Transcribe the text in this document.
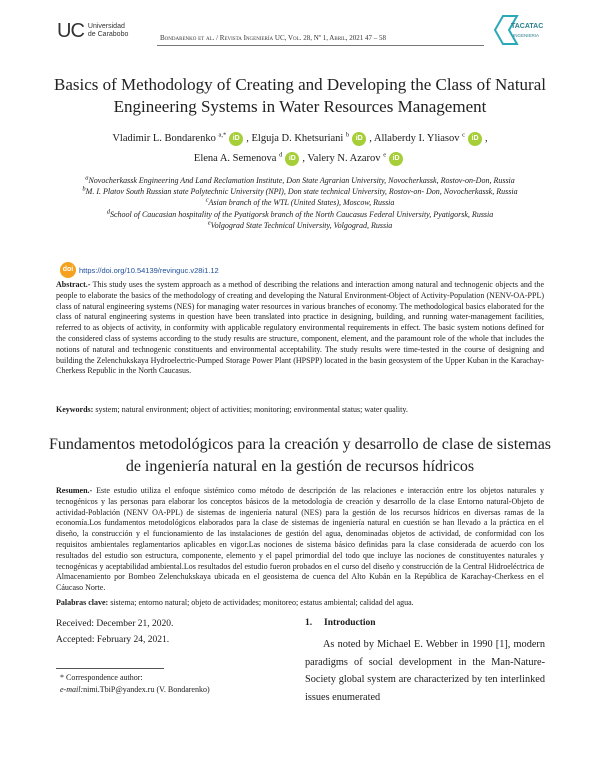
UC Universidad
de Carabobo	Bondarenko et al. / Revista Ingeniería UC, Vol. 28, Nº 1, Abril, 2021 47 – 58
TACATAC
INGENIERIA
Basics of Methodology of Creating and Developing the Class of Natural Engineering Systems in Water Resources Management
Vladimir L. Bondarenko $^{a,*}$ iD , Elguja D. Khetsuriani $^b$ iD , Allaberdy I. Yliasov $^c$ iD ,
Elena A. Semenova $^d$ iD , Valery N. Azarov $^e$ iD
$^a$Novocherkassk Engineering And Land Reclamation Institute, Don State Agrarian University, Novocherkassk, Rostov-on-Don, Russia
$^b$M. I. Platov South Russian state Polytechnic University (NPI), Don state technical University, Rostov-on- Don, Novocherkassk, Russia
$^c$Asian branch of the WTL (United States), Moscow, Russia
$^d$School of Caucasian hospitality of the Pyatigorsk branch of the North Caucasus Federal University, Pyatigorsk, Russia
$^e$Volgograd State Technical University, Volgograd, Russia
doi https://doi.org/10.54139/revinguc.v28i1.12
Abstract.- This study uses the system approach as a method of describing the relations and interaction among natural and technogenic objects and the people to elaborate the basics of the methodology of creating and developing the Natural Environment-Object of Activity-Population (NENV-OA-PPL) class of natural engineering systems (NES) for managing water resources in various branches of economy. The methodological basics elaborated for the class of natural engineering systems in question have been translated into practice in designing, building, and running water-management facilities, referred to as objects of activity, in conformity with applicable regulatory environmental requirements in effect. The basic system notions defined for the considered class of systems according to the study results are structure, component, element, and the paramount role of the whole that includes the notions of natural and technogenic constituents and environmental acceptability. The study results were time-tested in the course of designing and building the Zelenchukskaya Hydroelectric-Pumped Storage Power Plant (HPSPP) located in the basin geosystem of the Upper Kuban in the Karachay-Cherkess Republic in the North Caucasus.
Keywords: system; natural environment; object of activities; monitoring; environmental status; water quality.
Fundamentos metodológicos para la creación y desarrollo de clase de sistemas de ingeniería natural en la gestión de recursos hídricos
Resumen.- Este estudio utiliza el enfoque sistémico como método de descripción de las relaciones e interacción entre los objetos naturales y tecnogénicos y las personas para elaborar los conceptos básicos de la metodología de creación y desarrollo de la clase Entorno natural-Objeto de actividad-Población (NENV OA-PPL) de sistemas de ingeniería natural (NES) para la gestión de los recursos hídricos en diversas ramas de la economía.Los fundamentos metodológicos elaborados para la clase de sistemas de ingeniería natural en cuestión se han llevado a la práctica en el diseño, la construcción y el funcionamiento de las instalaciones de gestión del agua, denominadas objetos de actividad, de conformidad con los requisitos ambientales reglamentarios aplicables en vigor.Las nociones de sistema básico definidas para la clase considerada de acuerdo con los resultados del estudio son estructura, componente, elemento y el papel primordial del todo que incluye las nociones de constituyentes naturales y tecnogénicas y aceptabilidad ambiental.Los resultados del estudio fueron probados en el curso del diseño y construcción de la Central Hidroeléctrica de Almacenamiento por Bombeo Zelenchukskaya ubicada en el geosistema de cuenca del Alto Kubán en la República de Karachay-Cherkess en el Cáucaso Norte.
Palabras clave: sistema; entorno natural; objeto de actividades; monitoreo; estatus ambiental; calidad del agua.
Received: December 21, 2020.
Accepted: February 24, 2021.
* Correspondence author:
e-mail:nimi.TbiP@yandex.ru (V. Bondarenko)
1. Introduction
As noted by Michael E. Webber in 1990 [1], modern paradigms of social development in the Man-Nature-Society global system are characterized by ten interlinked issues enumerated
